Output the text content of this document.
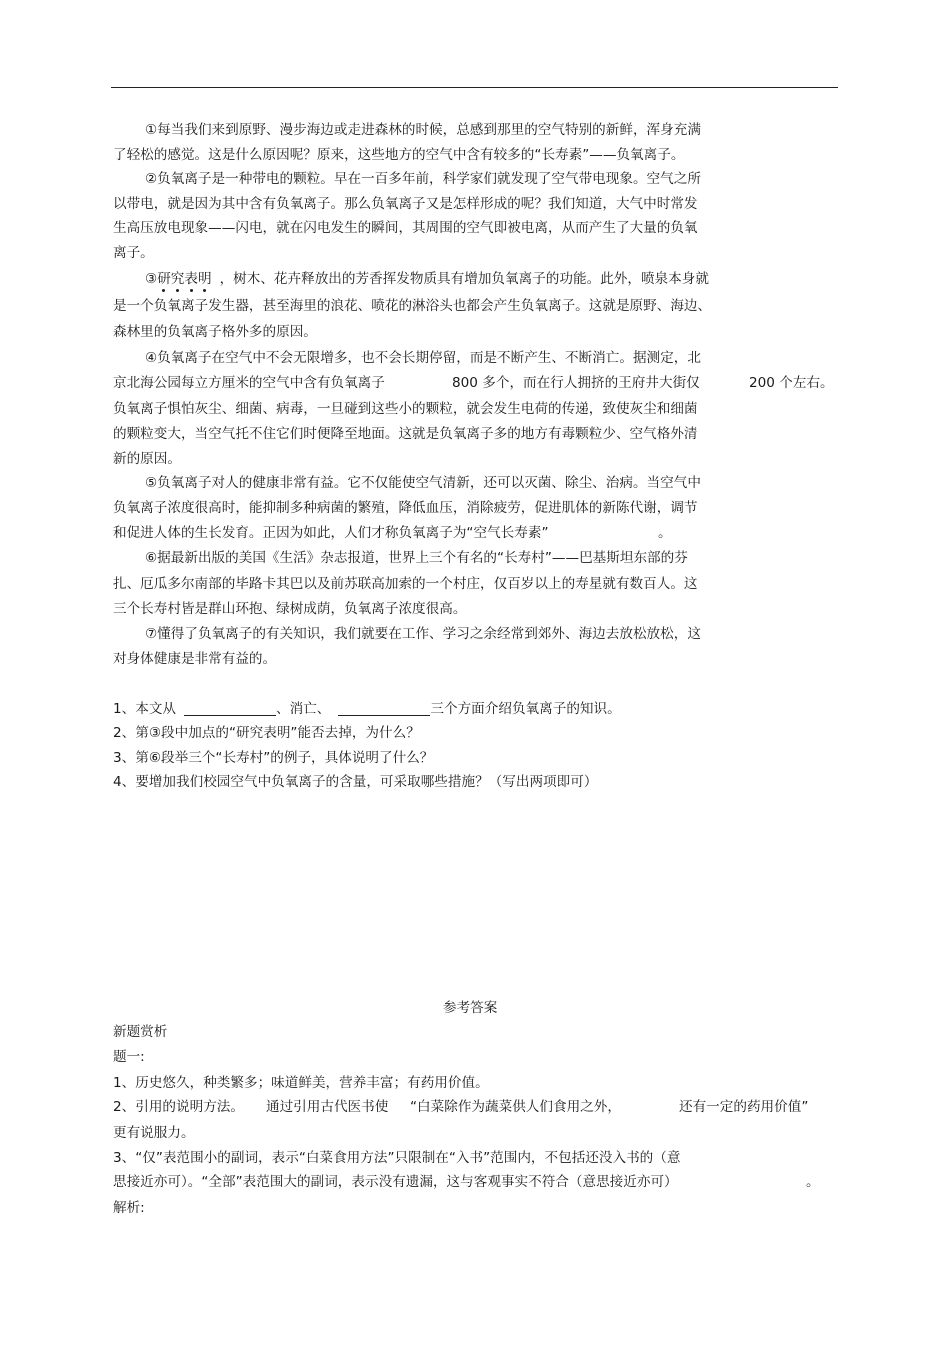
①每当我们来到原野、漫步海边或走进森林的时候，总感到那里的空气特别的新鲜，浑身充满
了轻松的感觉。这是什么原因呢？原来，这些地方的空气中含有较多的“长寿素”——负氧离子。
②负氧离子是一种带电的颗粒。早在一百多年前，科学家们就发现了空气带电现象。空气之所
以带电，就是因为其中含有负氧离子。那么负氧离子又是怎样形成的呢？我们知道，大气中时常发
生高压放电现象——闪电，就在闪电发生的瞬间，其周围的空气即被电离，从而产生了大量的负氧
离子。
③研究表明 ，树木、花卉释放出的芳香挥发物质具有增加负氧离子的功能。此外，喷泉本身就
是一个负氧离子发生器，甚至海里的浪花、喷花的淋浴头也都会产生负氧离子。这就是原野、海边、
森林里的负氧离子格外多的原因。
④负氧离子在空气中不会无限增多，也不会长期停留，而是不断产生、不断消亡。据测定，北
京北海公园每立方厘米的空气中含有负氧离子	800 多个，而在行人拥挤的王府井大街仅	200 个左右。
负氧离子惧怕灰尘、细菌、病毒，一旦碰到这些小的颗粒，就会发生电荷的传递，致使灰尘和细菌
的颗粒变大，当空气托不住它们时便降至地面。这就是负氧离子多的地方有毒颗粒少、空气格外清
新的原因。
⑤负氧离子对人的健康非常有益。它不仅能使空气清新，还可以灭菌、除尘、治病。当空气中
负氧离子浓度很高时，能抑制多种病菌的繁殖，降低血压，消除疲劳，促进肌体的新陈代谢，调节
和促进人体的生长发育。正因为如此，人们才称负氧离子为“空气长寿素”	。
⑥据最新出版的美国《生活》杂志报道，世界上三个有名的“长寿村”——巴基斯坦东部的芬
扎、厄瓜多尔南部的毕路卡其巴以及前苏联高加索的一个村庄，仅百岁以上的寿星就有数百人。这
三个长寿村皆是群山环抱、绿树成荫，负氧离子浓度很高。
⑦懂得了负氧离子的有关知识，我们就要在工作、学习之余经常到郊外、海边去放松放松，这
对身体健康是非常有益的。
1、本文从	、消亡、	三个方面介绍负氧离子的知识。
2、第③段中加点的“研究表明”能否去掉，为什么？
3、第⑥段举三个“长寿村”的例子，具体说明了什么？
4、要增加我们校园空气中负氧离子的含量，可采取哪些措施？（写出两项即可）
参考答案
新题赏析
题一:
1、历史悠久，种类繁多；味道鲜美，营养丰富；有药用价值。
2、引用的说明方法。 通过引用古代医书使 “白菜除作为蔬菜供人们食用之外，	还有一定的药用价值”
更有说服力。
3、“仅”表范围小的副词，表示“白菜食用方法”只限制在“入书”范围内，不包括还没入书的（意
思接近亦可）。“全部”表范围大的副词，表示没有遗漏，这与客观事实不符合（意思接近亦可）	。
解析:
